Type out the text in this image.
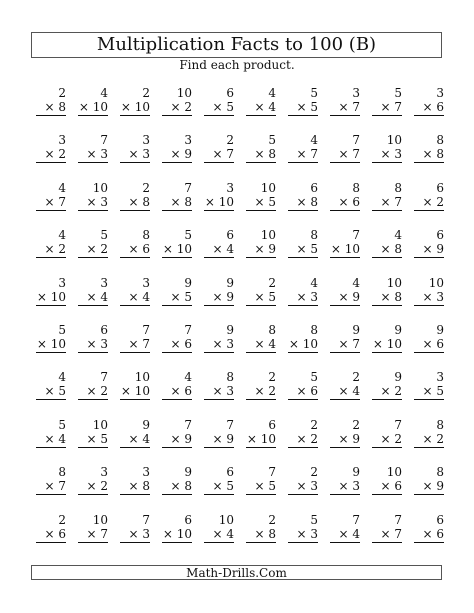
Multiplication Facts to 100 (B)
Find each product.
2
× 8
4
× 10
2
× 10
10
× 2
6
× 5
4
× 4
5
× 5
3
× 7
5
× 7
3
× 6
3
× 2
7
× 3
3
× 3
3
× 9
2
× 7
5
× 8
4
× 7
7
× 7
10
× 3
8
× 8
4
× 7
10
× 3
2
× 8
7
× 8
3
× 10
10
× 5
6
× 8
8
× 6
8
× 7
6
× 2
4
× 2
5
× 2
8
× 6
5
× 10
6
× 4
10
× 9
8
× 5
7
× 10
4
× 8
6
× 9
3
× 10
3
× 4
3
× 4
9
× 5
9
× 9
2
× 5
4
× 3
4
× 9
10
× 8
10
× 3
5
× 10
6
× 3
7
× 7
7
× 6
9
× 3
8
× 4
8
× 10
9
× 7
9
× 10
9
× 6
4
× 5
7
× 2
10
× 10
4
× 6
8
× 3
2
× 2
5
× 6
2
× 4
9
× 2
3
× 5
5
× 4
10
× 5
9
× 4
7
× 9
7
× 9
6
× 10
2
× 2
2
× 9
7
× 2
8
× 2
8
× 7
3
× 2
3
× 8
9
× 8
6
× 5
7
× 5
2
× 3
9
× 3
10
× 6
8
× 9
2
× 6
10
× 7
7
× 3
6
× 10
10
× 4
2
× 8
5
× 3
7
× 4
7
× 7
6
× 6
Math-Drills.Com
